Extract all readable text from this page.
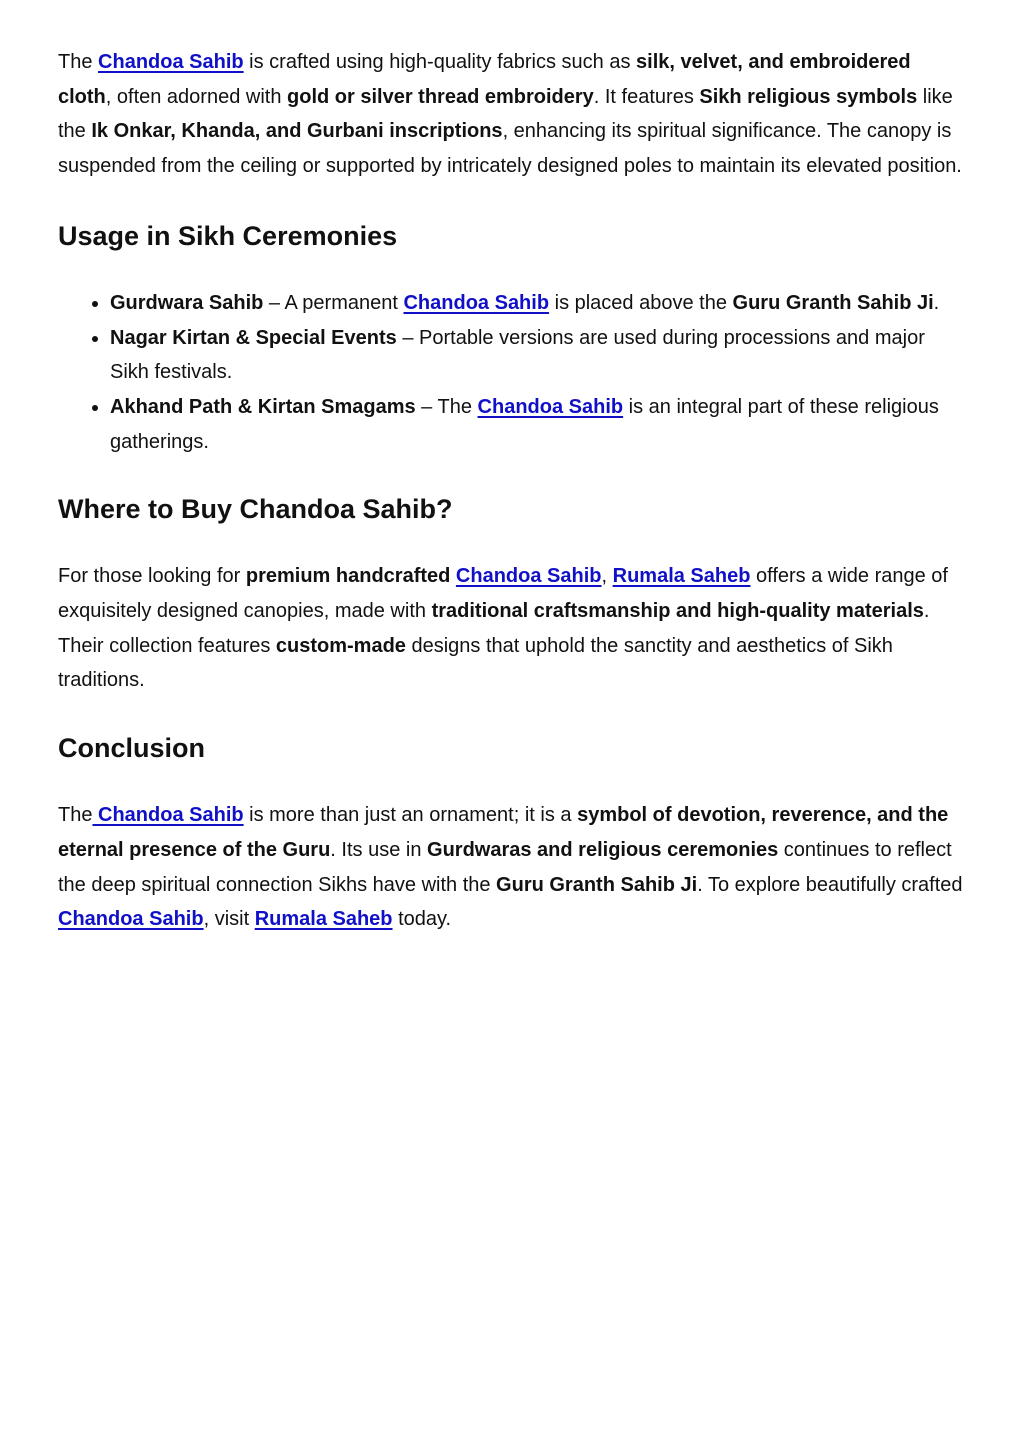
The Chandoa Sahib is crafted using high-quality fabrics such as silk, velvet, and embroidered cloth, often adorned with gold or silver thread embroidery. It features Sikh religious symbols like the Ik Onkar, Khanda, and Gurbani inscriptions, enhancing its spiritual significance. The canopy is suspended from the ceiling or supported by intricately designed poles to maintain its elevated position.

Usage in Sikh Ceremonies
• Gurdwara Sahib – A permanent Chandoa Sahib is placed above the Guru Granth Sahib Ji.
• Nagar Kirtan & Special Events – Portable versions are used during processions and major Sikh festivals.
• Akhand Path & Kirtan Smagams – The Chandoa Sahib is an integral part of these religious gatherings.
Where to Buy Chandoa Sahib?

For those looking for premium handcrafted Chandoa Sahib, Rumala Saheb offers a wide range of exquisitely designed canopies, made with traditional craftsmanship and high-quality materials. Their collection features custom-made designs that uphold the sanctity and aesthetics of Sikh traditions.

Conclusion

The Chandoa Sahib is more than just an ornament; it is a symbol of devotion, reverence, and the eternal presence of the Guru. Its use in Gurdwaras and religious ceremonies continues to reflect the deep spiritual connection Sikhs have with the Guru Granth Sahib Ji. To explore beautifully crafted Chandoa Sahib, visit Rumala Saheb today.
